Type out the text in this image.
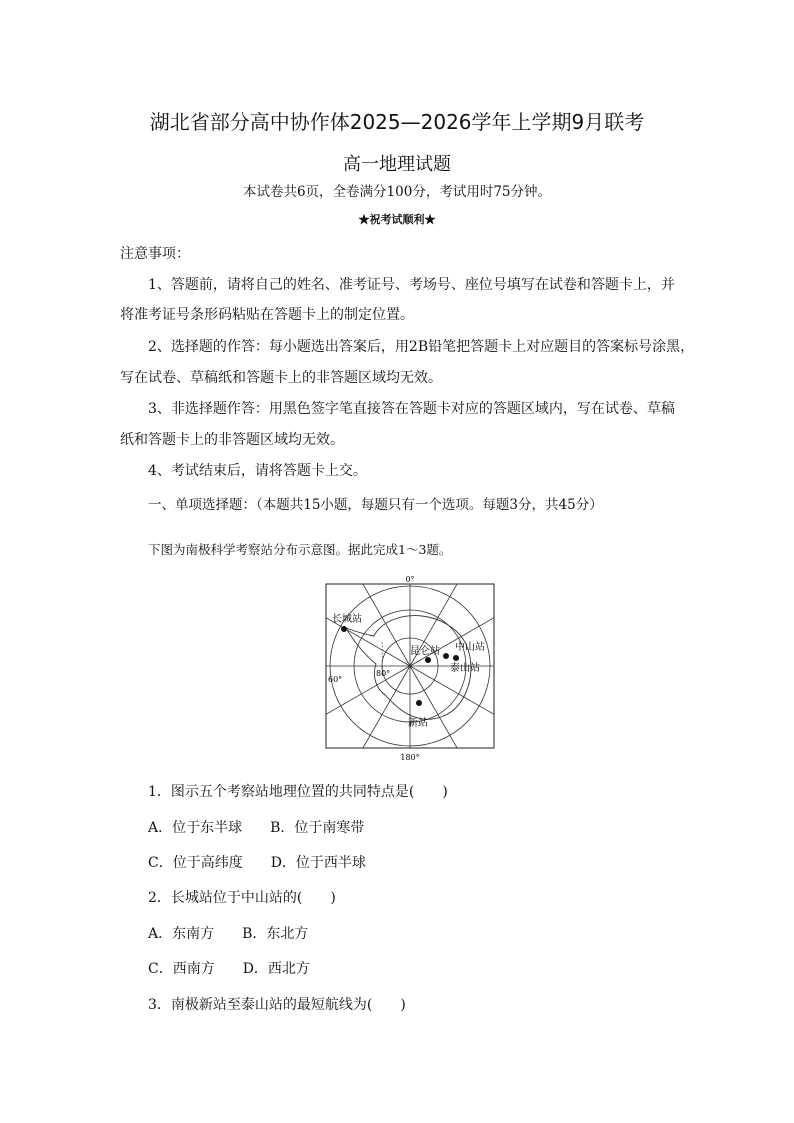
湖北省部分高中协作体2025—2026学年上学期9月联考
高一地理试题
本试卷共6页，全卷满分100分，考试用时75分钟。
★祝考试顺利★
注意事项：
1、答题前，请将自己的姓名、准考证号、考场号、座位号填写在试卷和答题卡上，并
将准考证号条形码粘贴在答题卡上的制定位置。
2、选择题的作答：每小题选出答案后，用2B铅笔把答题卡上对应题目的答案标号涂黑，
写在试卷、草稿纸和答题卡上的非答题区域均无效。
3、非选择题作答：用黑色签字笔直接答在答题卡对应的答题区域内，写在试卷、草稿
纸和答题卡上的非答题区域均无效。
4、考试结束后，请将答题卡上交。
一、单项选择题：（本题共15小题，每题只有一个选项。每题3分，共45分）
下图为南极科学考察站分布示意图。据此完成1～3题。
0°
180°
60°
80°
长城站
昆仑站 中山站
泰山站
新站
1．图示五个考察站地理位置的共同特点是(　　)
A．位于东半球　　B．位于南寒带
C．位于高纬度　　D．位于西半球
2．长城站位于中山站的(　　)
A．东南方　　B．东北方
C．西南方　　D．西北方
3．南极新站至泰山站的最短航线为(　　)
